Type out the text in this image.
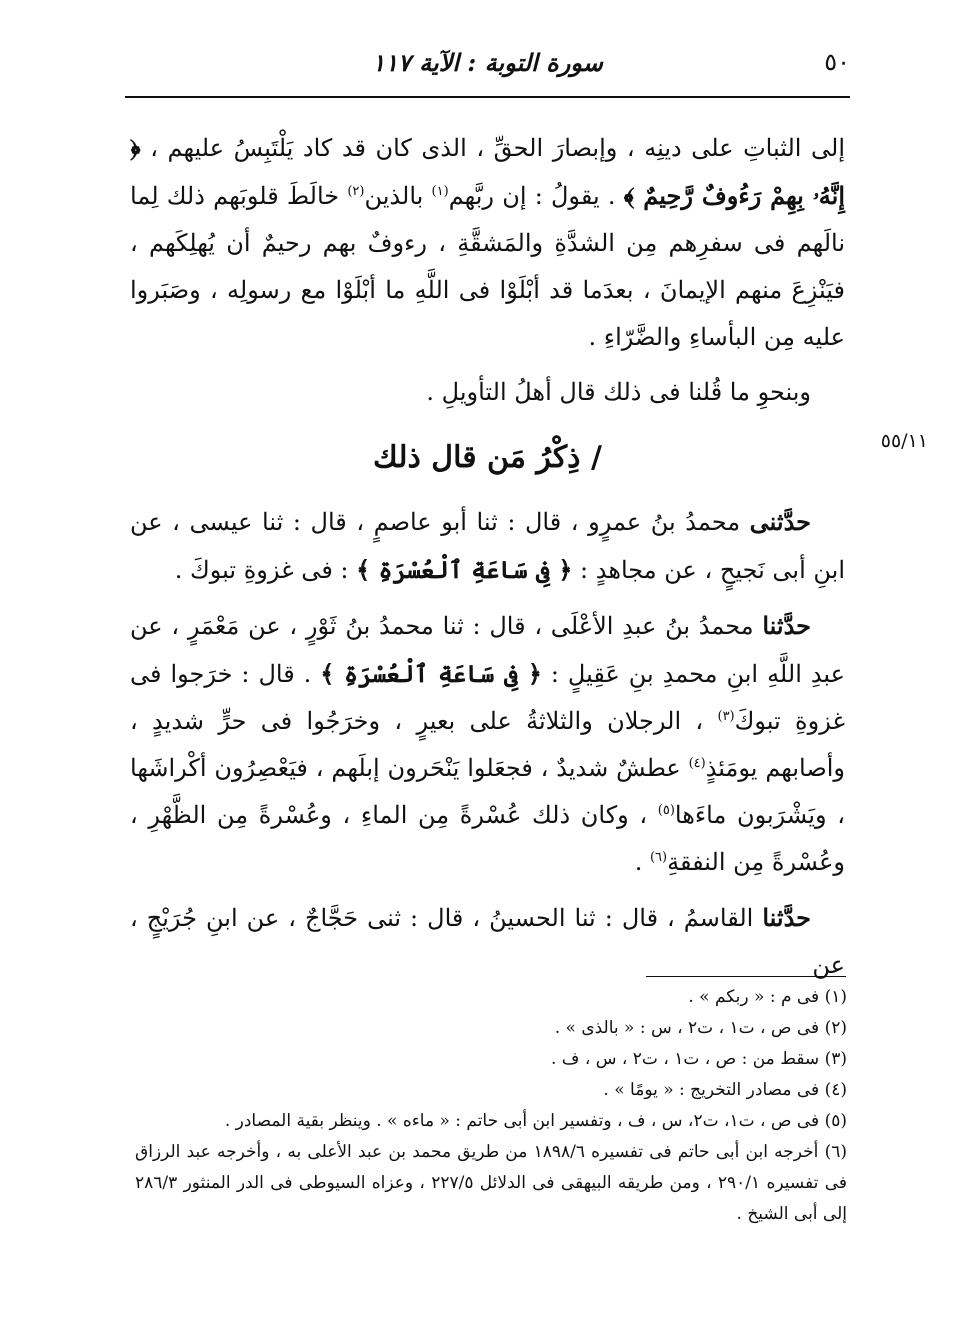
٥٠
سورة التوبة : الآية ١١٧
٥٥/١١

إلى الثباتِ على دينِه ، وإبصارَ الحقِّ ، الذى كان قد كاد يَلْتَبِسُ عليهم ، ﴿ إِنَّهُۥ بِهِمْ رَءُوفٌ رَّحِيمٌ ﴾ . يقولُ : إن ربَّهم$^{(١)}$ بالذين$^{(٢)}$ خالَطَ قلوبَهم ذلك لِما نالَهم فى سفرِهم مِن الشدَّةِ والمَشقَّةِ ، رءوفٌ بهم رحيمٌ أن يُهلِكَهم ، فيَنْزِعَ منهم الإيمانَ ، بعدَما قد أبْلَوْا فى اللَّهِ ما أبْلَوْا مع رسولِه ، وصَبَروا عليه مِن البأساءِ والضَّرّاءِ .

وبنحوِ ما قُلنا فى ذلك قال أهلُ التأويلِ .

/ ذِكْرُ مَن قال ذلك

حدَّثنى محمدُ بنُ عمرٍو ، قال : ثنا أبو عاصمٍ ، قال : ثنا عيسى ، عن ابنِ أبى نَجيحٍ ، عن مجاهدٍ : ﴿ فِى سَاعَةِ ٱلْعُسْرَةِ ﴾ : فى غزوةِ تبوكَ .

حدَّثنا محمدُ بنُ عبدِ الأعْلَى ، قال : ثنا محمدُ بنُ ثَوْرٍ ، عن مَعْمَرٍ ، عن عبدِ اللَّهِ ابنِ محمدِ بنِ عَقِيلٍ : ﴿ فِى سَاعَةِ ٱلْعُسْرَةِ ﴾ . قال : خرَجوا فى غزوةِ تبوكَ$^{(٣)}$ ، الرجلان والثلاثةُ على بعيرٍ ، وخرَجُوا فى حرٍّ شديدٍ ، وأصابهم يومَئذٍ$^{(٤)}$ عطشٌ شديدٌ ، فجعَلوا يَنْحَرون إبلَهم ، فيَعْصِرُون أكْراشَها ، ويَشْرَبون ماءَها$^{(٥)}$ ، وكان ذلك عُسْرةً مِن الماءِ ، وعُسْرةً مِن الظَّهْرِ ، وعُسْرةً مِن النفقةِ$^{(٦)}$ .

حدَّثنا القاسمُ ، قال : ثنا الحسينُ ، قال : ثنى حَجَّاجٌ ، عن ابنِ جُرَيْجٍ ، عن

(١) فى م : « ربكم » .
(٢) فى ص ، ت١ ، ت٢ ، س : « بالذى » .
(٣) سقط من : ص ، ت١ ، ت٢ ، س ، ف .
(٤) فى مصادر التخريج : « يومًا » .
(٥) فى ص ، ت١، ت٢، س ، ف ، وتفسير ابن أبى حاتم : « ماءه » . وينظر بقية المصادر .
(٦) أخرجه ابن أبى حاتم فى تفسيره ١٨٩٨/٦ من طريق محمد بن عبد الأعلى به ، وأخرجه عبد الرزاق فى تفسيره ٢٩٠/١ ، ومن طريقه البيهقى فى الدلائل ٢٢٧/٥ ، وعزاه السيوطى فى الدر المنثور ٢٨٦/٣ إلى أبى الشيخ .
